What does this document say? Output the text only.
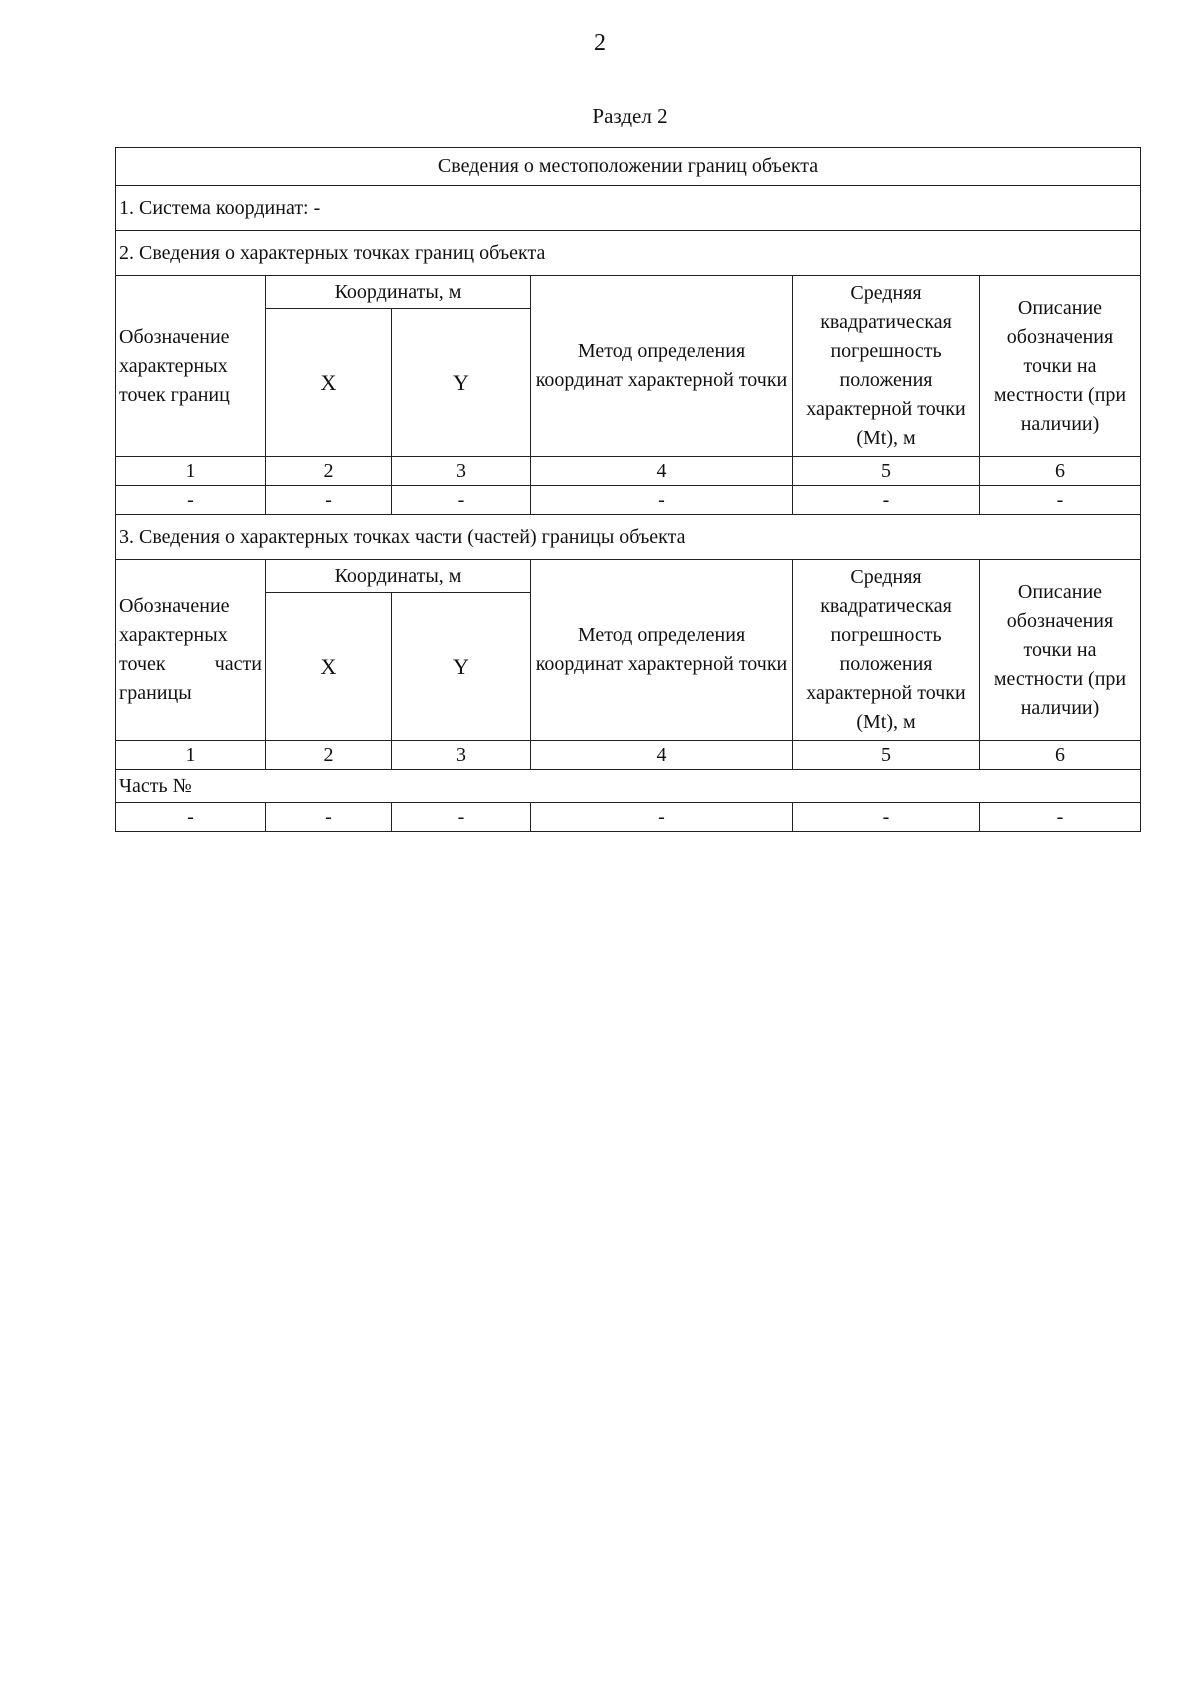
2
Раздел 2
Сведения о местоположении границ объекта					
1. Система координат: -					
2. Сведения о характерных точках границ объекта					
Обозначение характерных точек границ	Координаты, м		Метод определения координат характерной точки	Средняя квадратическая погрешность положения характерной точки (Mt), м	Описание обозначения точки на местности (при наличии)
	X	Y			
1	2	3	4	5	6
-	-	-	-	-	-
3. Сведения о характерных точках части (частей) границы объекта					
Обозначение характерных точек части границы	Координаты, м		Метод определения координат характерной точки	Средняя квадратическая погрешность положения характерной точки (Mt), м	Описание обозначения точки на местности (при наличии)
	X	Y			
1	2	3	4	5	6
Часть №					
-	-	-	-	-	-
